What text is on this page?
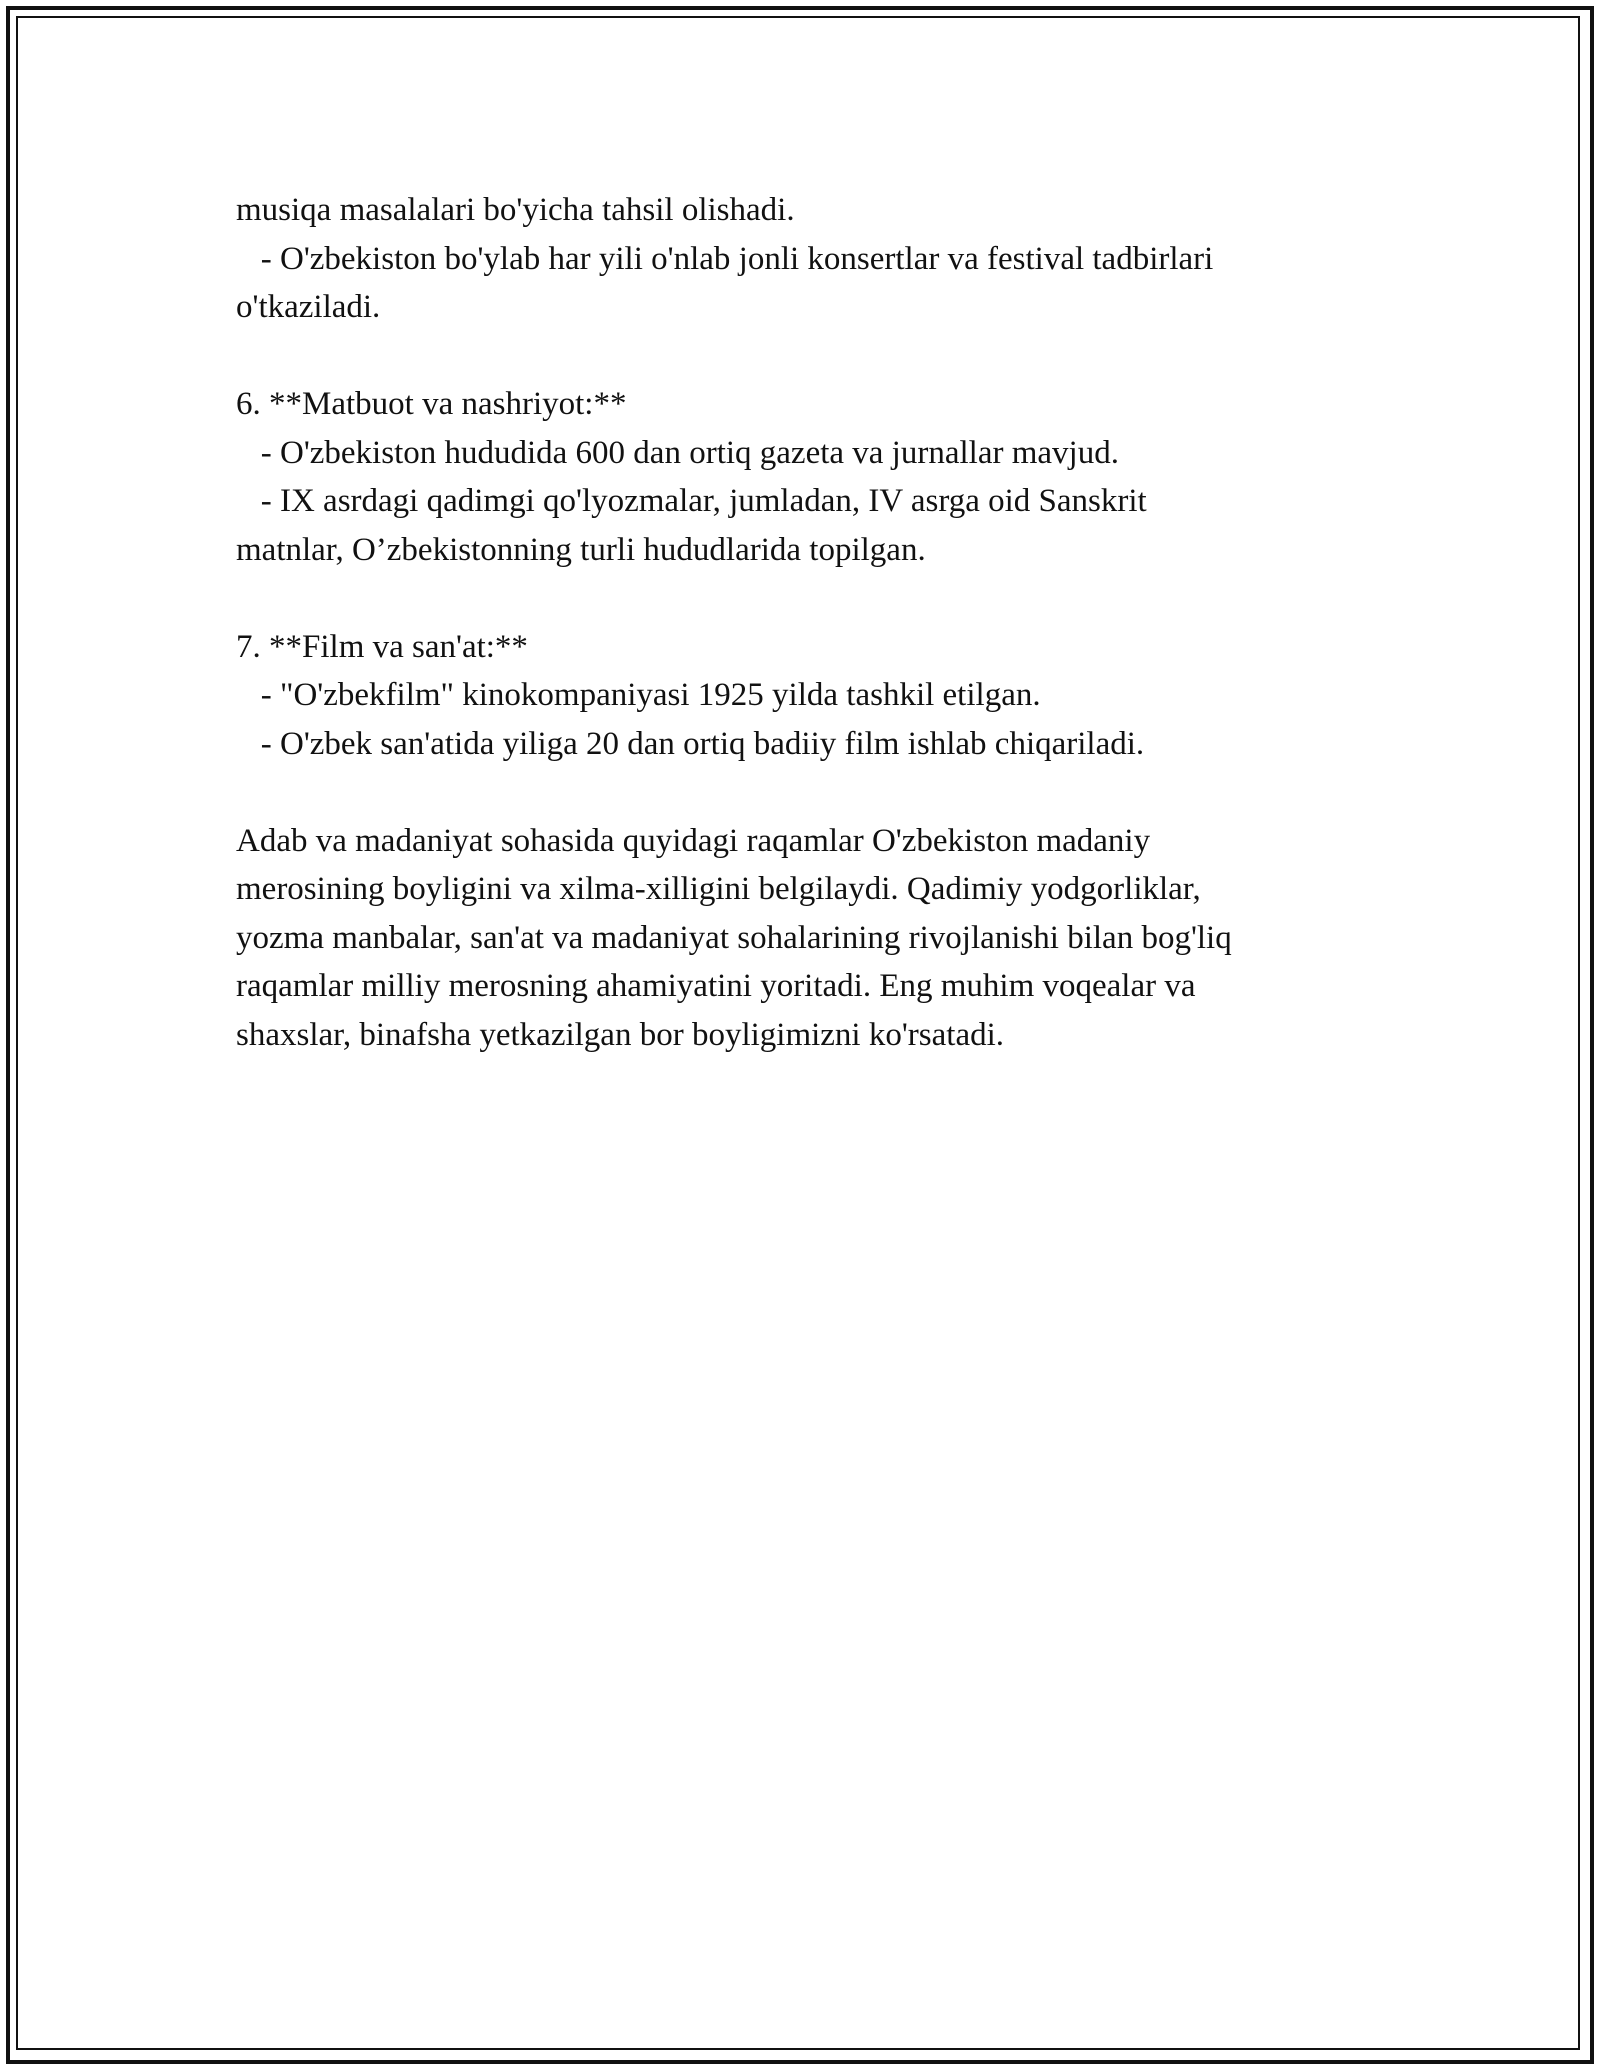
musiqa masalalari bo'yicha tahsil olishadi.

- O'zbekiston bo'ylab har yili o'nlab jonli konsertlar va festival tadbirlari

o'tkaziladi.

6. **Matbuot va nashriyot:**

- O'zbekiston hududida 600 dan ortiq gazeta va jurnallar mavjud.

- IX asrdagi qadimgi qo'lyozmalar, jumladan, IV asrga oid Sanskrit

matnlar, O’zbekistonning turli hududlarida topilgan.

7. **Film va san'at:**

- "O'zbekfilm" kinokompaniyasi 1925 yilda tashkil etilgan.

- O'zbek san'atida yiliga 20 dan ortiq badiiy film ishlab chiqariladi.

Adab va madaniyat sohasida quyidagi raqamlar O'zbekiston madaniy

merosining boyligini va xilma-xilligini belgilaydi. Qadimiy yodgorliklar,

yozma manbalar, san'at va madaniyat sohalarining rivojlanishi bilan bog'liq

raqamlar milliy merosning ahamiyatini yoritadi. Eng muhim voqealar va

shaxslar, binafsha yetkazilgan bor boyligimizni ko'rsatadi.
